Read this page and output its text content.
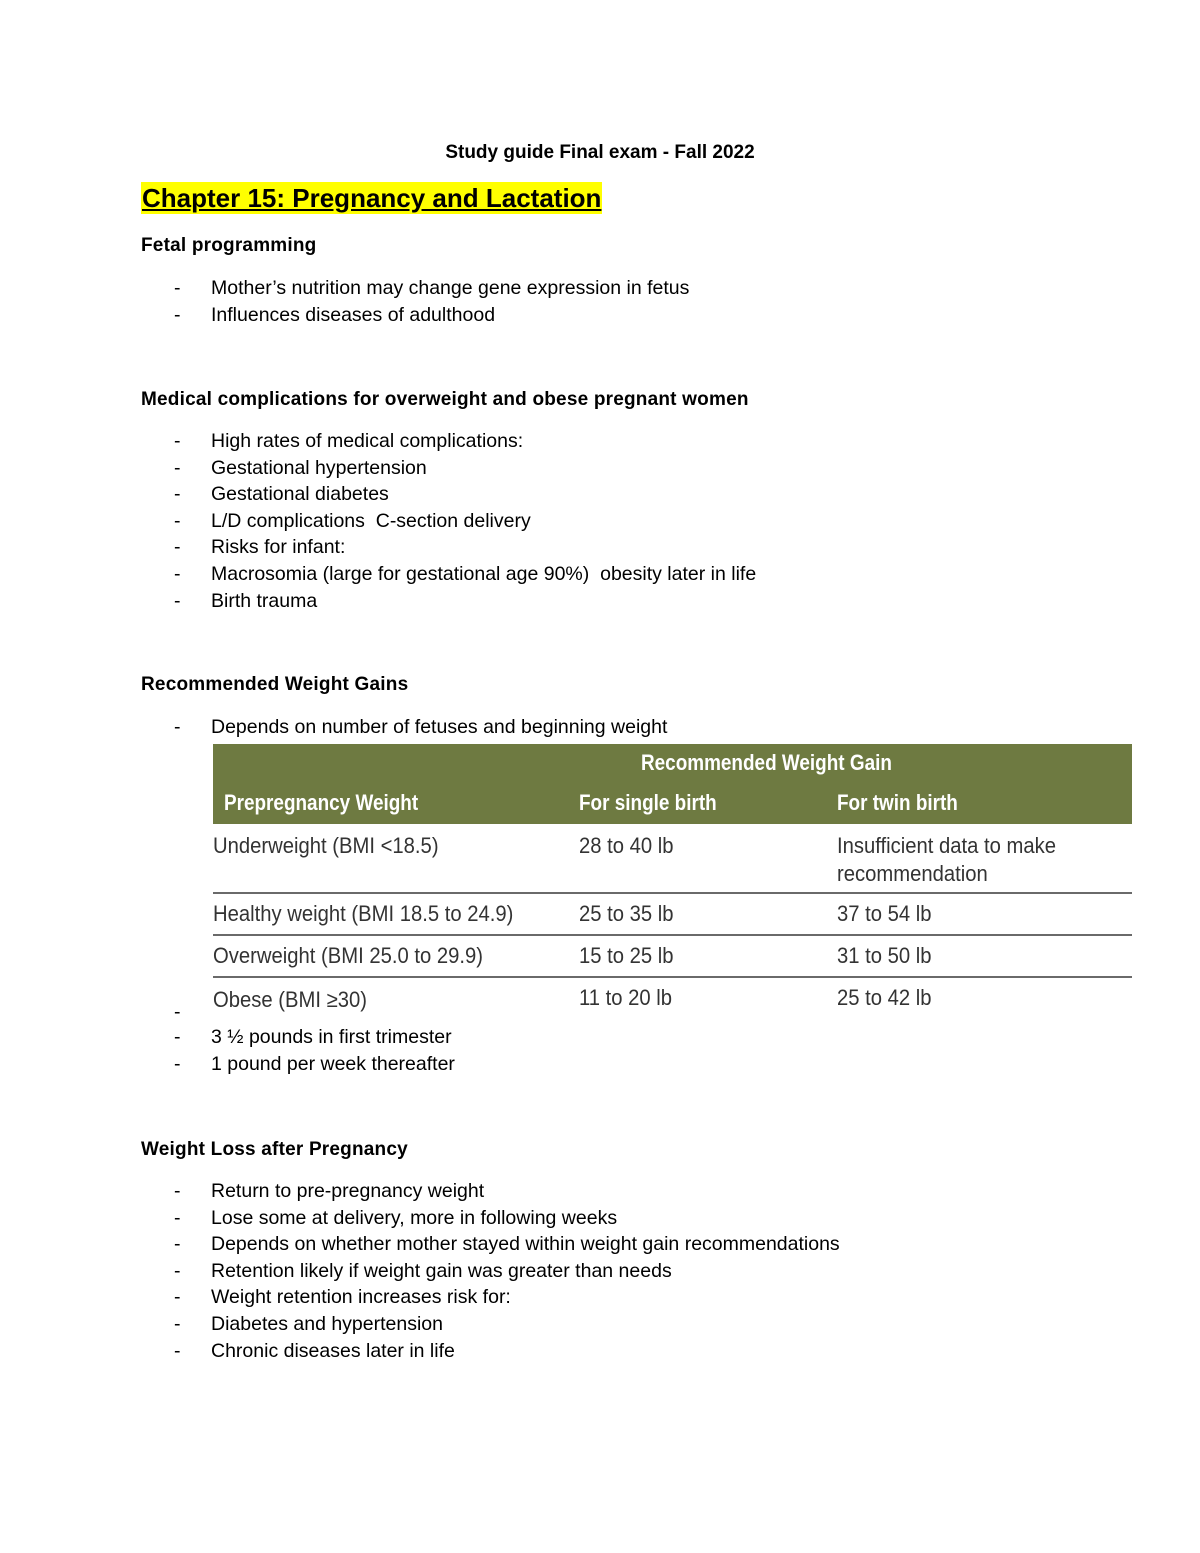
Study guide Final exam - Fall 2022
Chapter 15: Pregnancy and Lactation
Fetal programming
- Mother’s nutrition may change gene expression in fetus
- Influences diseases of adulthood
Medical complications for overweight and obese pregnant women
- High rates of medical complications:
- Gestational hypertension
- Gestational diabetes
- L/D complications  C-section delivery
- Risks for infant:
- Macrosomia (large for gestational age 90%)  obesity later in life
- Birth trauma
Recommended Weight Gains
- Depends on number of fetuses and beginning weight
Recommended Weight Gain
Prepregnancy Weight	For single birth	For twin birth
Underweight (BMI <18.5)	28 to 40 lb	Insufficient data to make
recommendation
Healthy weight (BMI 18.5 to 24.9)	25 to 35 lb	37 to 54 lb
Overweight (BMI 25.0 to 29.9)	15 to 25 lb	31 to 50 lb
Obese (BMI ≥30)	11 to 20 lb	25 to 42 lb
-
- 3 ½ pounds in first trimester
- 1 pound per week thereafter
Weight Loss after Pregnancy
- Return to pre-pregnancy weight
- Lose some at delivery, more in following weeks
- Depends on whether mother stayed within weight gain recommendations
- Retention likely if weight gain was greater than needs
- Weight retention increases risk for:
- Diabetes and hypertension
- Chronic diseases later in life
